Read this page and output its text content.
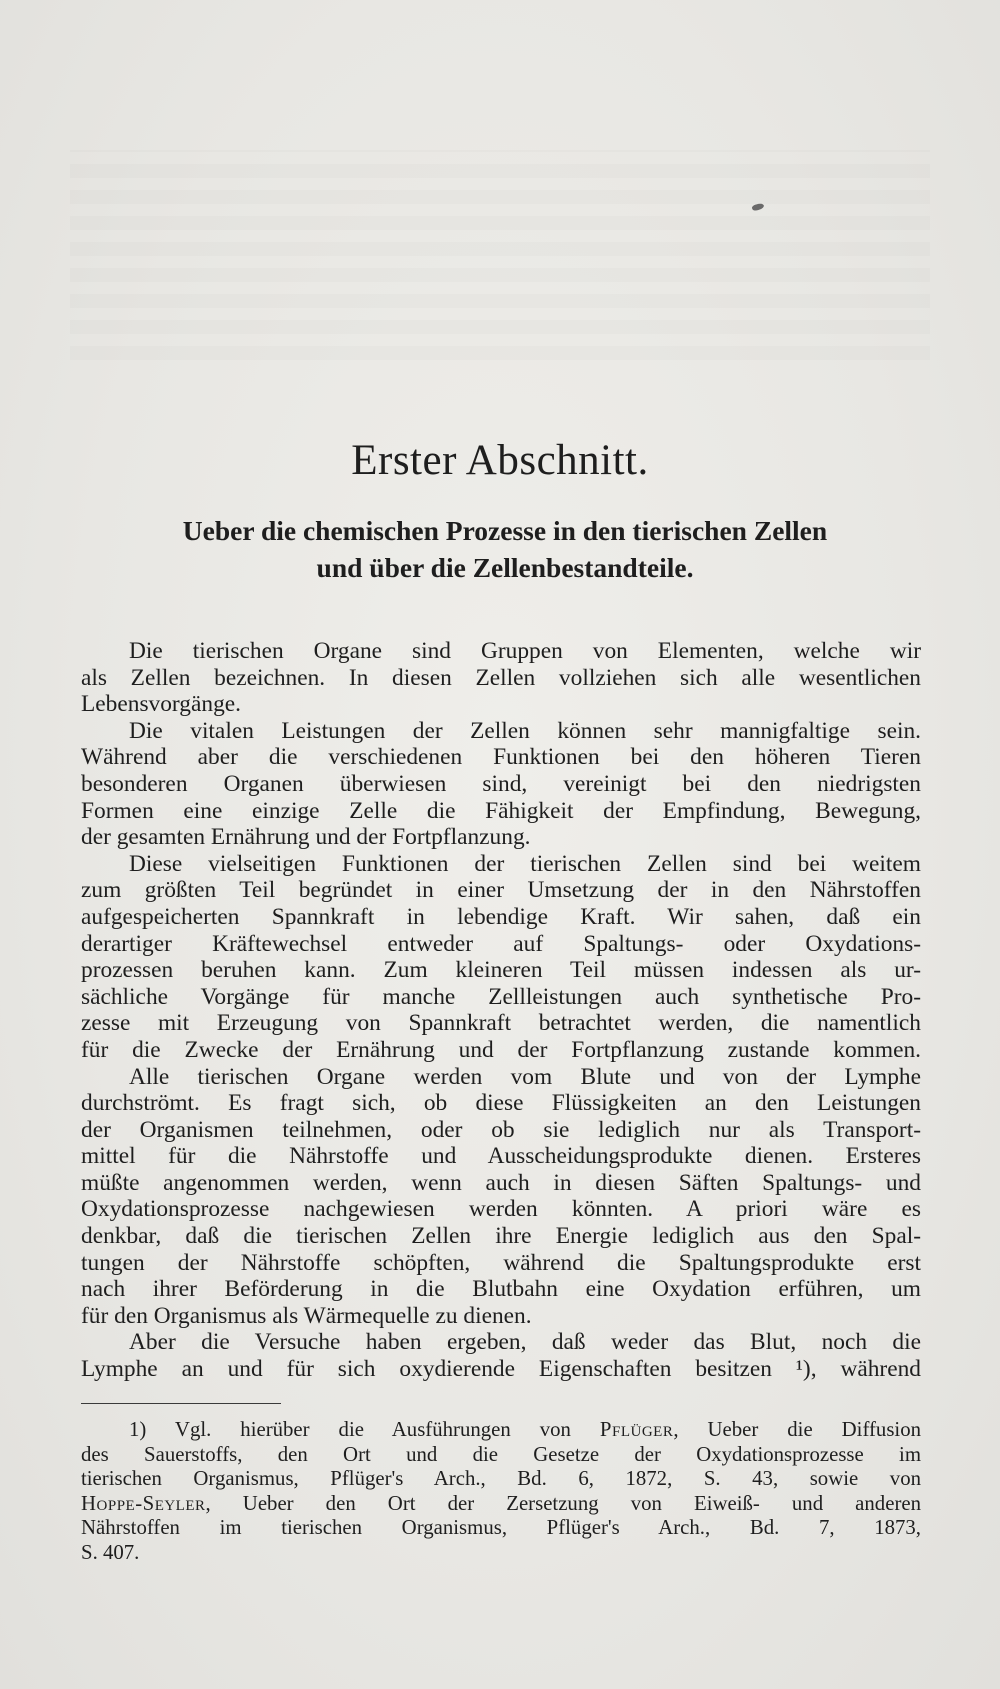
Erster Abschnitt.
Ueber die chemischen Prozesse in den tierischen Zellen
und über die Zellenbestandteile.
Die tierischen Organe sind Gruppen von Elementen, welche wir
als Zellen bezeichnen. In diesen Zellen vollziehen sich alle wesentlichen
Lebensvorgänge.
Die vitalen Leistungen der Zellen können sehr mannigfaltige sein.
Während aber die verschiedenen Funktionen bei den höheren Tieren
besonderen Organen überwiesen sind, vereinigt bei den niedrigsten
Formen eine einzige Zelle die Fähigkeit der Empfindung, Bewegung,
der gesamten Ernährung und der Fortpflanzung.
Diese vielseitigen Funktionen der tierischen Zellen sind bei weitem
zum größten Teil begründet in einer Umsetzung der in den Nährstoffen
aufgespeicherten Spannkraft in lebendige Kraft. Wir sahen, daß ein
derartiger Kräftewechsel entweder auf Spaltungs- oder Oxydations-
prozessen beruhen kann. Zum kleineren Teil müssen indessen als ur-
sächliche Vorgänge für manche Zellleistungen auch synthetische Pro-
zesse mit Erzeugung von Spannkraft betrachtet werden, die namentlich
für die Zwecke der Ernährung und der Fortpflanzung zustande kommen.
Alle tierischen Organe werden vom Blute und von der Lymphe
durchströmt. Es fragt sich, ob diese Flüssigkeiten an den Leistungen
der Organismen teilnehmen, oder ob sie lediglich nur als Transport-
mittel für die Nährstoffe und Ausscheidungsprodukte dienen. Ersteres
müßte angenommen werden, wenn auch in diesen Säften Spaltungs- und
Oxydationsprozesse nachgewiesen werden könnten. A priori wäre es
denkbar, daß die tierischen Zellen ihre Energie lediglich aus den Spal-
tungen der Nährstoffe schöpften, während die Spaltungsprodukte erst
nach ihrer Beförderung in die Blutbahn eine Oxydation erführen, um
für den Organismus als Wärmequelle zu dienen.
Aber die Versuche haben ergeben, daß weder das Blut, noch die
Lymphe an und für sich oxydierende Eigenschaften besitzen ¹), während
1) Vgl. hierüber die Ausführungen von Pflüger, Ueber die Diffusion
des Sauerstoffs, den Ort und die Gesetze der Oxydationsprozesse im
tierischen Organismus, Pflüger's Arch., Bd. 6, 1872, S. 43, sowie von
Hoppe-Seyler, Ueber den Ort der Zersetzung von Eiweiß- und anderen
Nährstoffen im tierischen Organismus, Pflüger's Arch., Bd. 7, 1873,
S. 407.
